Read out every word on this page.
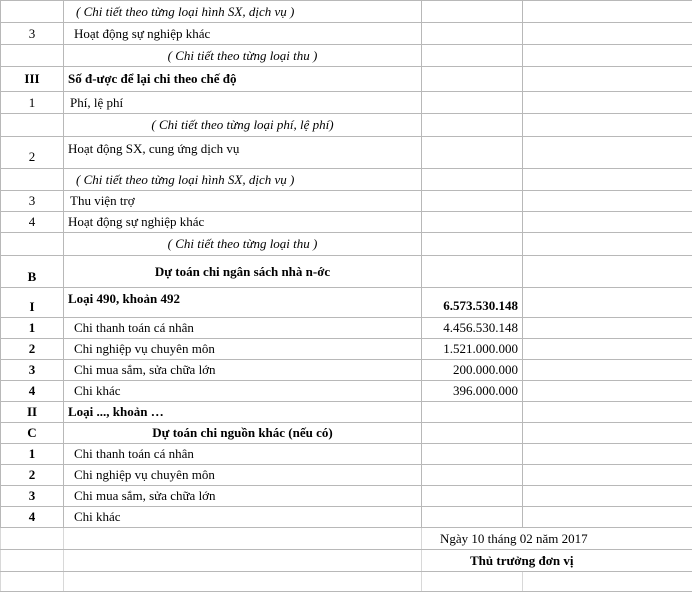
	( Chi tiết theo từng loại hình SX, dịch vụ )		
3	Hoạt động sự nghiệp khác		
	( Chi tiết theo từng loại thu )		
III	Số đ-ược để lại chi theo chế độ		
1	Phí, lệ phí		
	( Chi tiết theo từng loại phí, lệ phí)		
2	Hoạt động SX, cung ứng dịch vụ		
	( Chi tiết theo từng loại hình SX, dịch vụ )		
3	Thu viện trợ		
4	Hoạt động sự nghiệp khác		
	( Chi tiết theo từng loại thu )		
B	Dự toán chi ngân sách nhà n-ớc		
I	Loại 490, khoản 492	6.573.530.148	
1	Chi thanh toán cá nhân	4.456.530.148	
2	Chi nghiệp vụ chuyên môn	1.521.000.000	
3	Chi mua sắm, sửa chữa lớn	200.000.000	
4	Chi khác	396.000.000	
II	Loại ..., khoản …		
C	Dự toán chi nguồn khác (nếu có)		
1	Chi thanh toán cá nhân		
2	Chi nghiệp vụ chuyên môn		
3	Chi mua sắm, sửa chữa lớn		
4	Chi khác		
		Ngày 10 tháng 02 năm 2017	
		Thủ trưởng đơn vị	
